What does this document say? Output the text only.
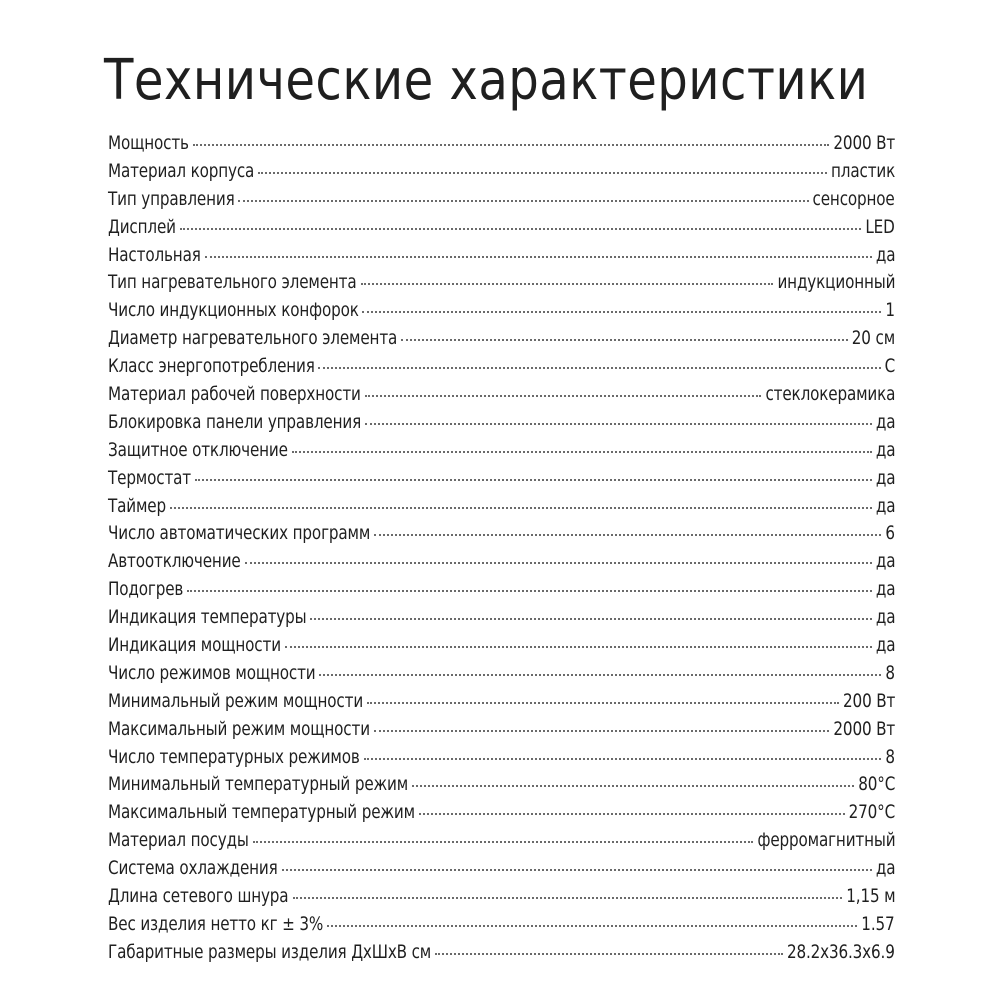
Технические характеристики
Мощность	2000 Вт
Материал корпуса	пластик
Тип управления	сенсорное
Дисплей	LED
Настольная	да
Тип нагревательного элемента	индукционный
Число индукционных конфорок	1
Диаметр нагревательного элемента	20 см
Класс энергопотребления	С
Материал рабочей поверхности	стеклокерамика
Блокировка панели управления	да
Защитное отключение	да
Термостат	да
Таймер	да
Число автоматических программ	6
Автоотключение	да
Подогрев	да
Индикация температуры	да
Индикация мощности	да
Число режимов мощности	8
Минимальный режим мощности	200 Вт
Максимальный режим мощности	2000 Вт
Число температурных режимов	8
Минимальный температурный режим	80°C
Максимальный температурный режим	270°C
Материал посуды	ферромагнитный
Система охлаждения	да
Длина сетевого шнура	1,15 м
Вес изделия нетто кг ± 3%	1.57
Габаритные размеры изделия ДхШхВ см	28.2x36.3x6.9
